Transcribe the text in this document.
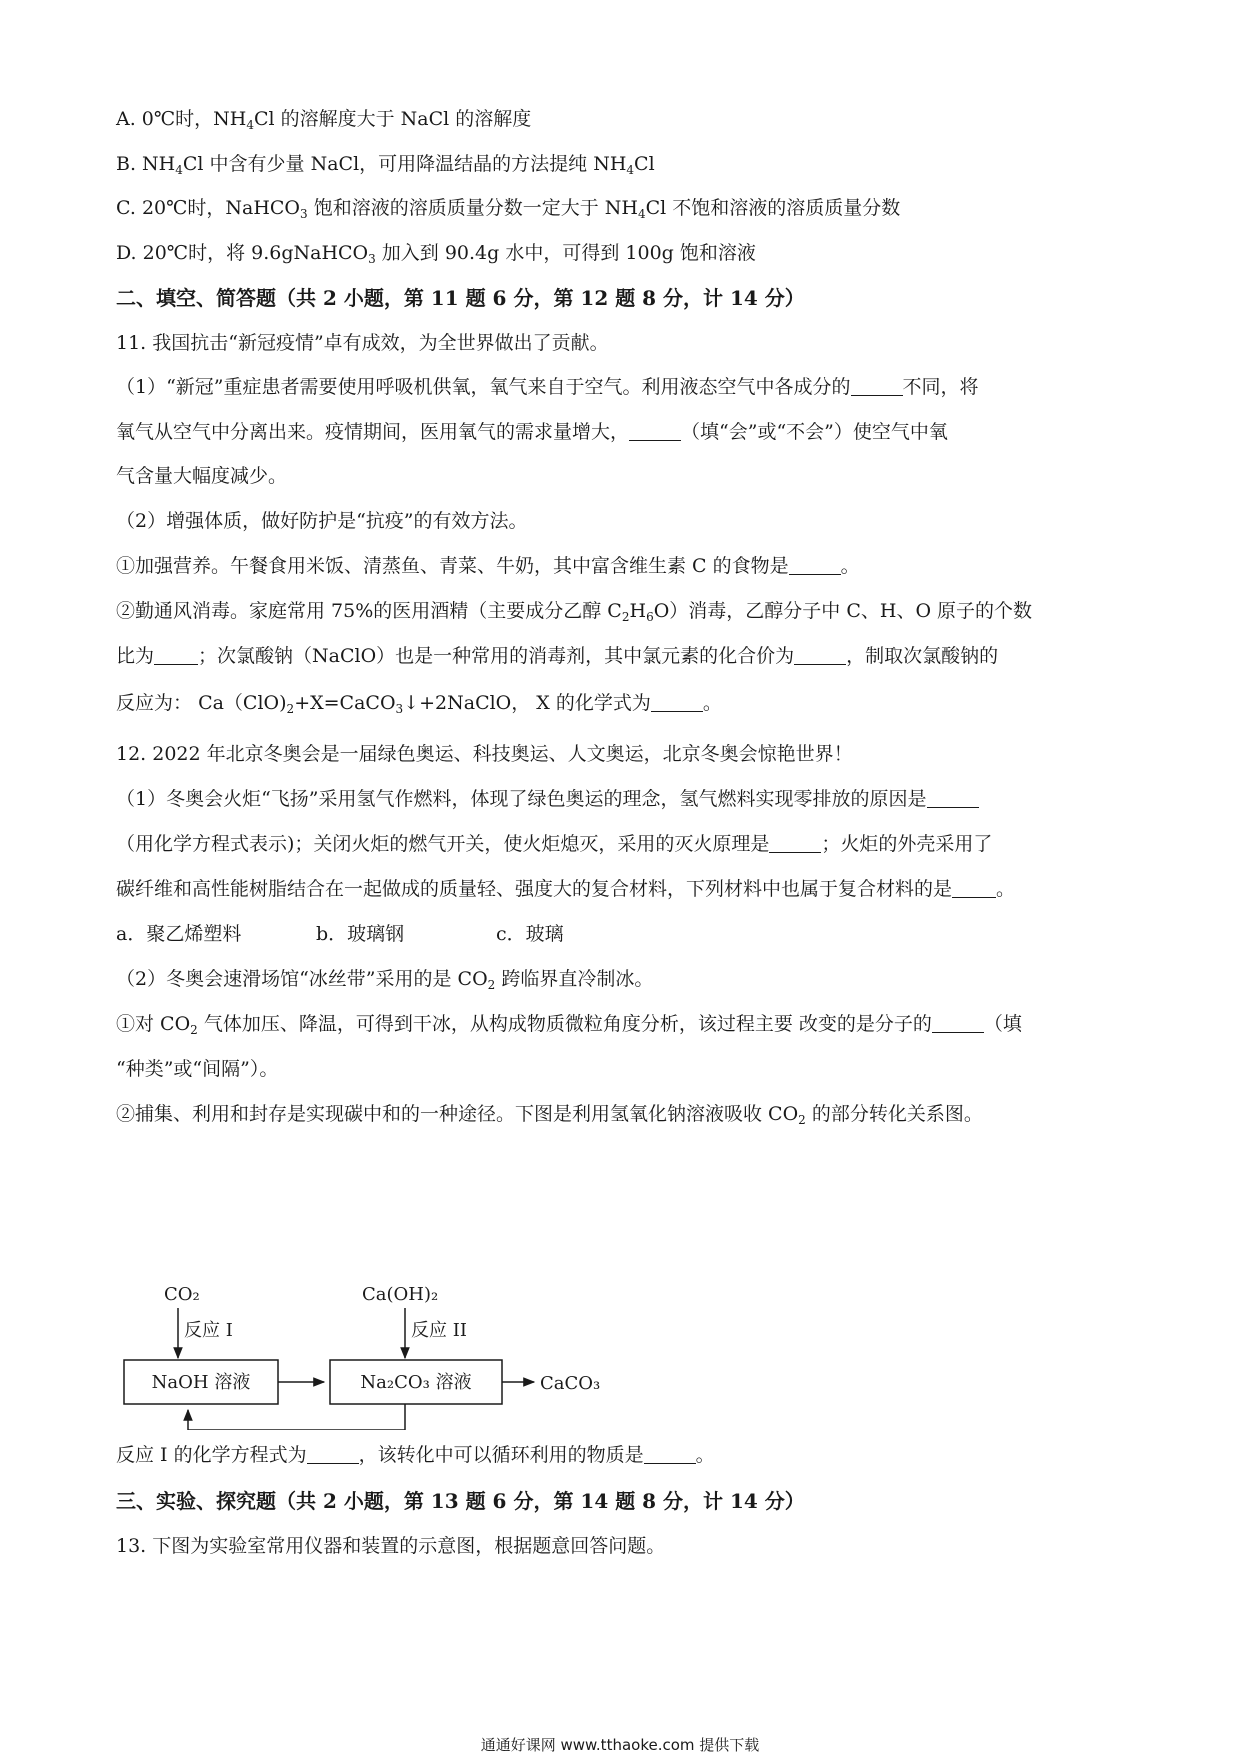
A. 0℃时，$NH_4Cl$ 的溶解度大于 NaCl 的溶解度
B. $NH_4Cl$ 中含有少量 NaCl，可用降温结晶的方法提纯 $NH_4Cl$
C. 20℃时，NaHCO$_3$ 饱和溶液的溶质质量分数一定大于 $NH_4Cl$ 不饱和溶液的溶质质量分数
D. 20℃时，将 9.6gNaHCO$_3$ 加入到 90.4g 水中，可得到 100g 饱和溶液
二、填空、简答题（共 2 小题，第 11 题 6 分，第 12 题 8 分，计 14 分）
11. 我国抗击“新冠疫情”卓有成效，为全世界做出了贡献。
（1）“新冠”重症患者需要使用呼吸机供氧，氧气来自于空气。利用液态空气中各成分的	不同，将
氧气从空气中分离出来。疫情期间，医用氧气的需求量增大，	（填“会”或“不会”）使空气中氧
气含量大幅度减少。
（2）增强体质，做好防护是“抗疫”的有效方法。
①加强营养。午餐食用米饭、清蒸鱼、青菜、牛奶，其中富含维生素 C 的食物是	。
②勤通风消毒。家庭常用 75%的医用酒精（主要成分乙醇 $C_2H_6O$）消毒，乙醇分子中 C、H、O 原子的个数
比为 ；次氯酸钠（NaClO）也是一种常用的消毒剂，其中氯元素的化合价为	，制取次氯酸钠的
反应为： $Ca(ClO)_2+X=CaCO_3↓+2NaClO$， X 的化学式为	。
12. 2022 年北京冬奥会是一届绿色奥运、科技奥运、人文奥运，北京冬奥会惊艳世界！
（1）冬奥会火炬“飞扬”采用氢气作燃料，体现了绿色奥运的理念，氢气燃料实现零排放的原因是
（用化学方程式表示)；关闭火炬的燃气开关，使火炬熄灭，采用的灭火原理是	；火炬的外壳采用了
碳纤维和高性能树脂结合在一起做成的质量轻、强度大的复合材料，下列材料中也属于复合材料的是 。
a．聚乙烯塑料	b．玻璃钢	c．玻璃
（2）冬奥会速滑场馆“冰丝带”采用的是 $CO_2$ 跨临界直冷制冰。
①对 $CO_2$ 气体加压、降温，可得到干冰，从构成物质微粒角度分析，该过程主要 改变的是分子的	（填
“种类”或“间隔”）。
②捕集、利用和封存是实现碳中和的一种途径。下图是利用氢氧化钠溶液吸收 $CO_2$ 的部分转化关系图。
CO₂
反应 I
Ca(OH)₂
反应 II
NaOH 溶液	Na₂CO₃ 溶液	CaCO₃
反应 I 的化学方程式为	，该转化中可以循环利用的物质是	。
三、实验、探究题（共 2 小题，第 13 题 6 分，第 14 题 8 分，计 14 分）
13. 下图为实验室常用仪器和装置的示意图，根据题意回答问题。
通通好课网 www.tthaoke.com 提供下载
